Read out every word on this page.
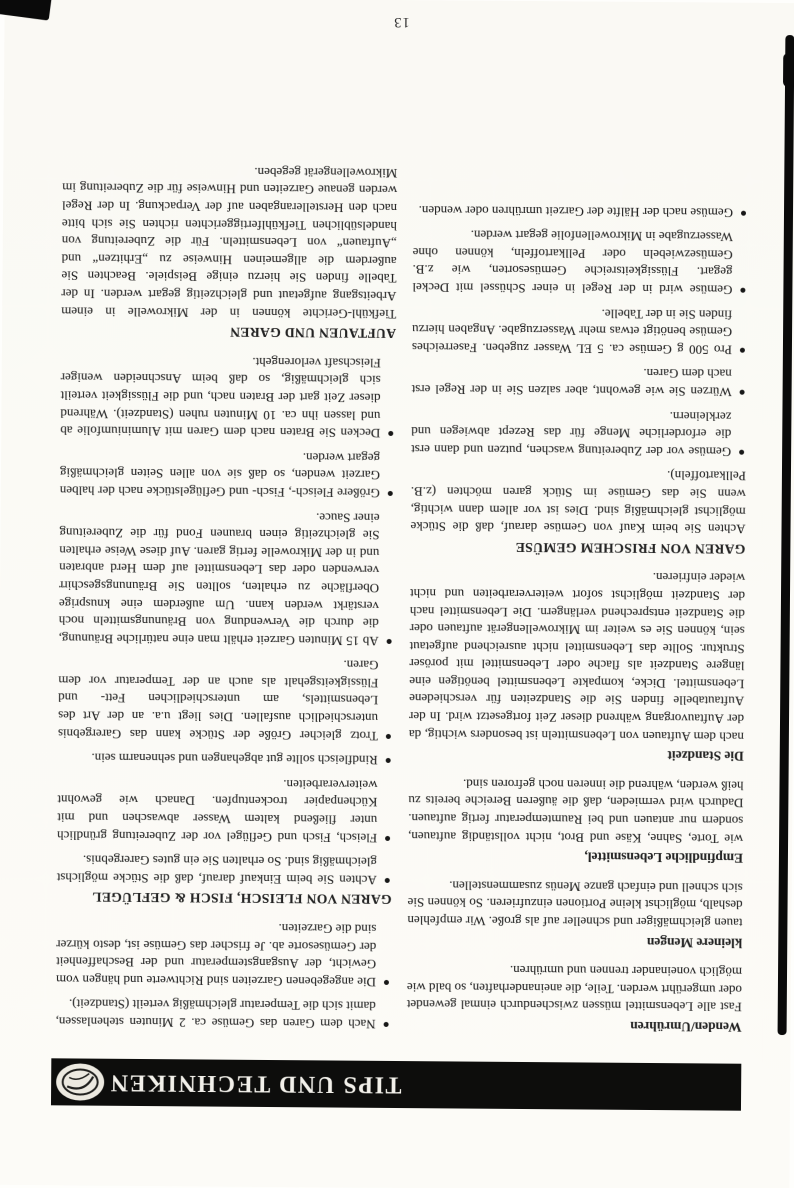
TIPS UND TECHNIKEN
Wenden/Umrühren

Fast alle Lebensmittel müssen zwischendurch einmal gewendet oder umgerührt werden. Teile, die aneinanderhaften, so bald wie möglich voneinander trennen und umrühren.

kleinere Mengen

tauen gleichmäßiger und schneller auf als große. Wir empfehlen deshalb, möglichst kleine Portionen einzufrieren. So können Sie sich schnell und einfach ganze Menüs zusammenstellen.

Empfindliche Lebensmittel,

wie Torte, Sahne, Käse und Brot, nicht vollständig auftauen, sondern nur antauen und bei Raumtemperatur fertig auftauen. Dadurch wird vermieden, daß die äußeren Bereiche bereits zu heiß werden, während die inneren noch gefroren sind.

Die Standzeit

nach dem Auftauen von Lebensmitteln ist besonders wichtig, da der Auftauvorgang während dieser Zeit fortgesetzt wird. In der Auftautabelle finden Sie die Standzeiten für verschiedene Lebensmittel. Dicke, kompakte Lebensmittel benötigen eine längere Standzeit als flache oder Lebensmittel mit poröser Struktur. Sollte das Lebensmittel nicht ausreichend aufgetaut sein, können Sie es weiter im Mikrowellengerät auftauen oder die Standzeit entsprechend verlängern. Die Lebensmittel nach der Standzeit möglichst sofort weiterverarbeiten und nicht wieder einfrieren.

GAREN VON FRISCHEM GEMÜSE

Achten Sie beim Kauf von Gemüse darauf, daß die Stücke möglichst gleichmäßig sind. Dies ist vor allem dann wichtig, wenn Sie das Gemüse im Stück garen möchten (z.B. Pellkartoffeln).

Gemüse vor der Zubereitung waschen, putzen und dann erst die erforderliche Menge für das Rezept abwiegen und zerkleinern.
Würzen Sie wie gewohnt, aber salzen Sie in der Regel erst nach dem Garen.
Pro 500 g Gemüse ca. 5 EL Wasser zugeben. Faserreiches Gemüse benötigt etwas mehr Wasserzugabe. Angaben hierzu finden Sie in der Tabelle.
Gemüse wird in der Regel in einer Schüssel mit Deckel gegart. Flüssigkeitsreiche Gemüsesorten, wie z.B. Gemüsezwiebeln oder Pellkartoffeln, können ohne Wasserzugabe in Mikrowellenfolie gegart werden.
Gemüse nach der Hälfte der Garzeit umrühren oder wenden.
Nach dem Garen das Gemüse ca. 2 Minuten stehenlassen, damit sich die Temperatur gleichmäßig verteilt (Standzeit).
Die angegebenen Garzeiten sind Richtwerte und hängen vom Gewicht, der Ausgangstemperatur und der Beschaffenheit der Gemüsesorte ab. Je frischer das Gemüse ist, desto kürzer sind die Garzeiten.
GAREN VON FLEISCH, FISCH & GEFLÜGEL
Achten Sie beim Einkauf darauf, daß die Stücke möglichst gleichmäßig sind. So erhalten Sie ein gutes Garergebnis.
Fleisch, Fisch und Geflügel vor der Zubereitung gründlich unter fließend kaltem Wasser abwaschen und mit Küchenpapier trockentupfen. Danach wie gewohnt weiterverarbeiten.
Rindfleisch sollte gut abgehangen und sehnenarm sein.
Trotz gleicher Größe der Stücke kann das Garergebnis unterschiedlich ausfallen. Dies liegt u.a. an der Art des Lebensmittels, am unterschiedlichen Fett- und Flüssigkeitsgehalt als auch an der Temperatur vor dem Garen.
Ab 15 Minuten Garzeit erhält man eine natürliche Bräunung, die durch die Verwendung von Bräunungsmitteln noch verstärkt werden kann. Um außerdem eine knusprige Oberfläche zu erhalten, sollten Sie Bräunungsgeschirr verwenden oder das Lebensmittel auf dem Herd anbraten und in der Mikrowelle fertig garen. Auf diese Weise erhalten Sie gleichzeitig einen braunen Fond für die Zubereitung einer Sauce.
Größere Fleisch-, Fisch- und Geflügelstücke nach der halben Garzeit wenden, so daß sie von allen Seiten gleichmäßig gegart werden.
Decken Sie Braten nach dem Garen mit Aluminiumfolie ab und lassen ihn ca. 10 Minuten ruhen (Standzeit). Während dieser Zeit gart der Braten nach, und die Flüssigkeit verteilt sich gleichmäßig, so daß beim Anschneiden weniger Fleischsaft verlorengeht.
AUFTAUEN UND GAREN

Tiefkühl-Gerichte können in der Mikrowelle in einem Arbeitsgang aufgetaut und gleichzeitig gegart werden. In der Tabelle finden Sie hierzu einige Beispiele. Beachten Sie außerdem die allgemeinen Hinweise zu „Erhitzen“ und „Auftauen“ von Lebensmitteln. Für die Zubereitung von handelsüblichen Tiefkühlfertiggerichten richten Sie sich bitte nach den Herstellerangaben auf der Verpackung. In der Regel werden genaue Garzeiten und Hinweise für die Zubereitung im Mikrowellengerät gegeben.

13
